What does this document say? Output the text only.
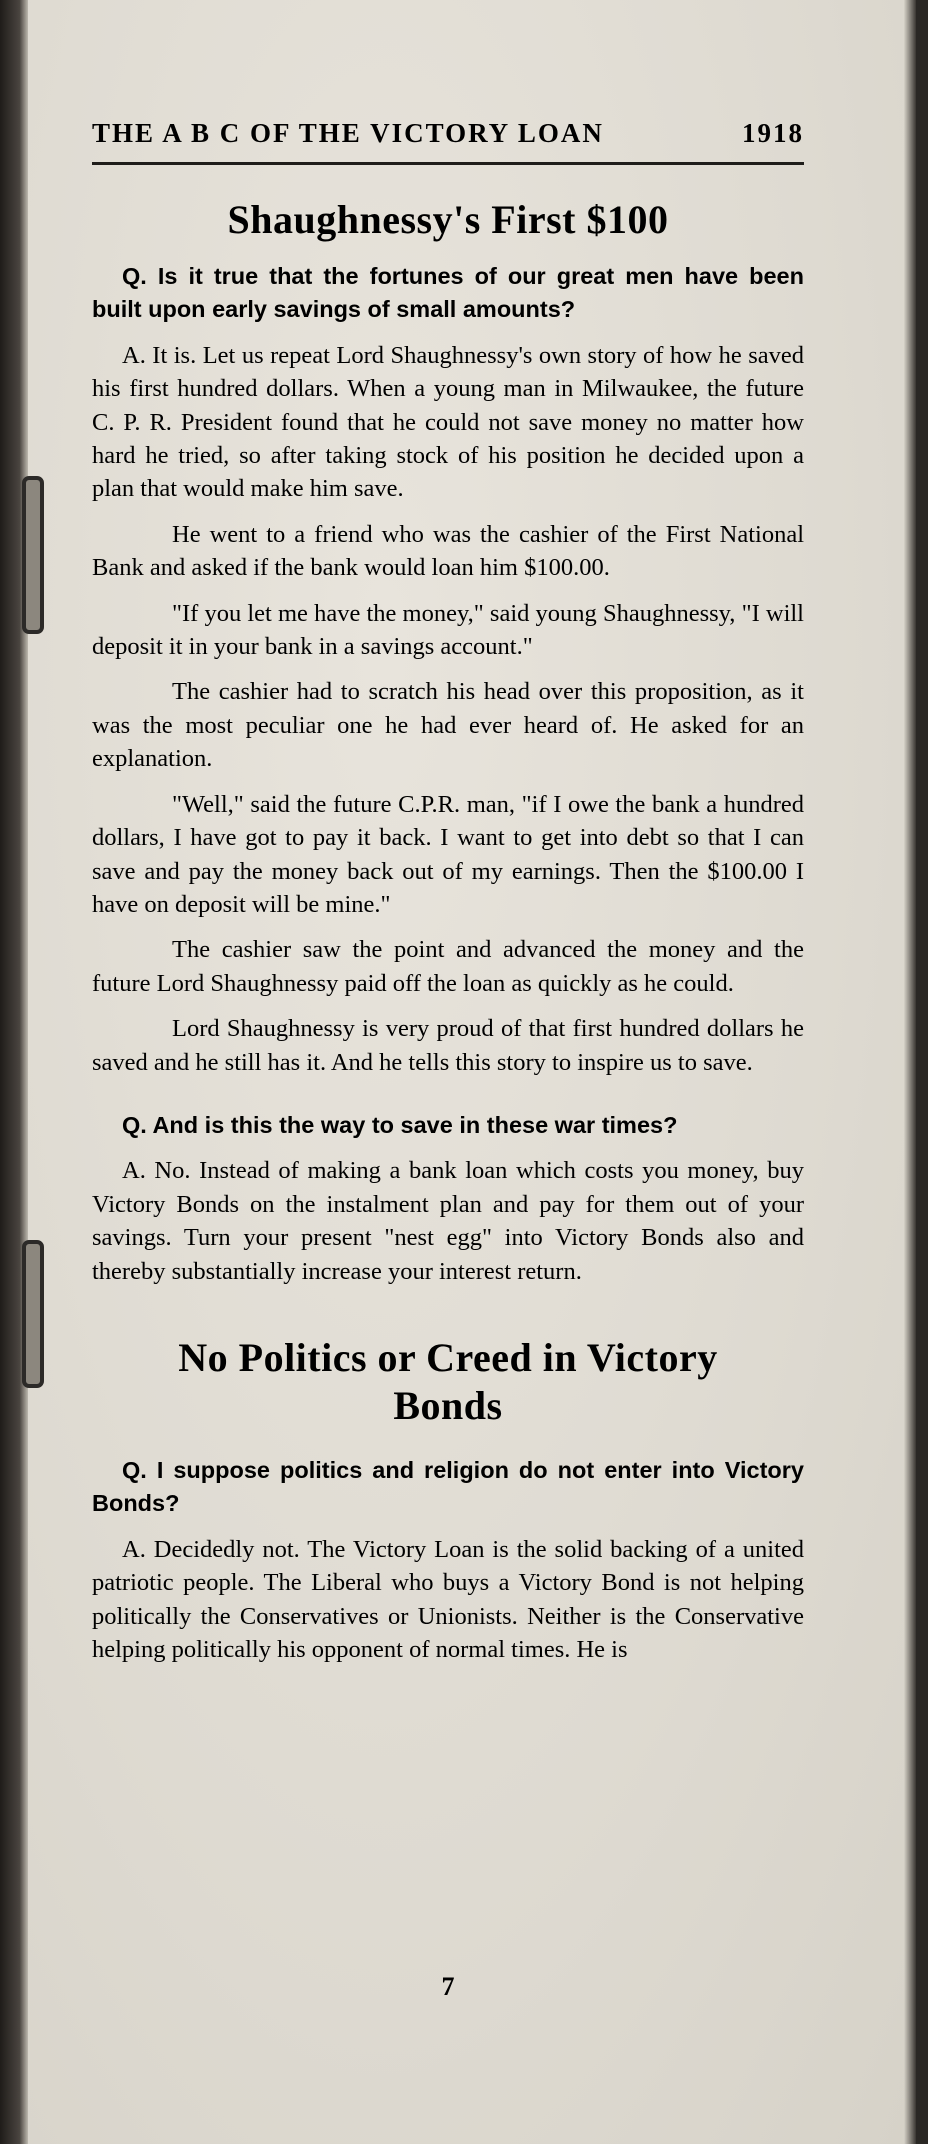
THE A B C OF THE VICTORY LOAN	1918
Shaughnessy's First $100

Q. Is it true that the fortunes of our great men have been built upon early savings of small amounts?

A. It is. Let us repeat Lord Shaughnessy's own story of how he saved his first hundred dollars. When a young man in Milwaukee, the future C. P. R. President found that he could not save money no matter how hard he tried, so after taking stock of his position he decided upon a plan that would make him save.

He went to a friend who was the cashier of the First National Bank and asked if the bank would loan him $100.00.

"If you let me have the money," said young Shaughnessy, "I will deposit it in your bank in a savings account."

The cashier had to scratch his head over this proposition, as it was the most peculiar one he had ever heard of. He asked for an explanation.

"Well," said the future C.P.R. man, "if I owe the bank a hundred dollars, I have got to pay it back. I want to get into debt so that I can save and pay the money back out of my earnings. Then the $100.00 I have on deposit will be mine."

The cashier saw the point and advanced the money and the future Lord Shaughnessy paid off the loan as quickly as he could.

Lord Shaughnessy is very proud of that first hundred dollars he saved and he still has it. And he tells this story to inspire us to save.

Q. And is this the way to save in these war times?

A. No. Instead of making a bank loan which costs you money, buy Victory Bonds on the instalment plan and pay for them out of your savings. Turn your present "nest egg" into Victory Bonds also and thereby substantially increase your interest return.

No Politics or Creed in Victory Bonds

Q. I suppose politics and religion do not enter into Victory Bonds?

A. Decidedly not. The Victory Loan is the solid backing of a united patriotic people. The Liberal who buys a Victory Bond is not helping politically the Conservatives or Unionists. Neither is the Conservative helping politically his opponent of normal times. He is

7
